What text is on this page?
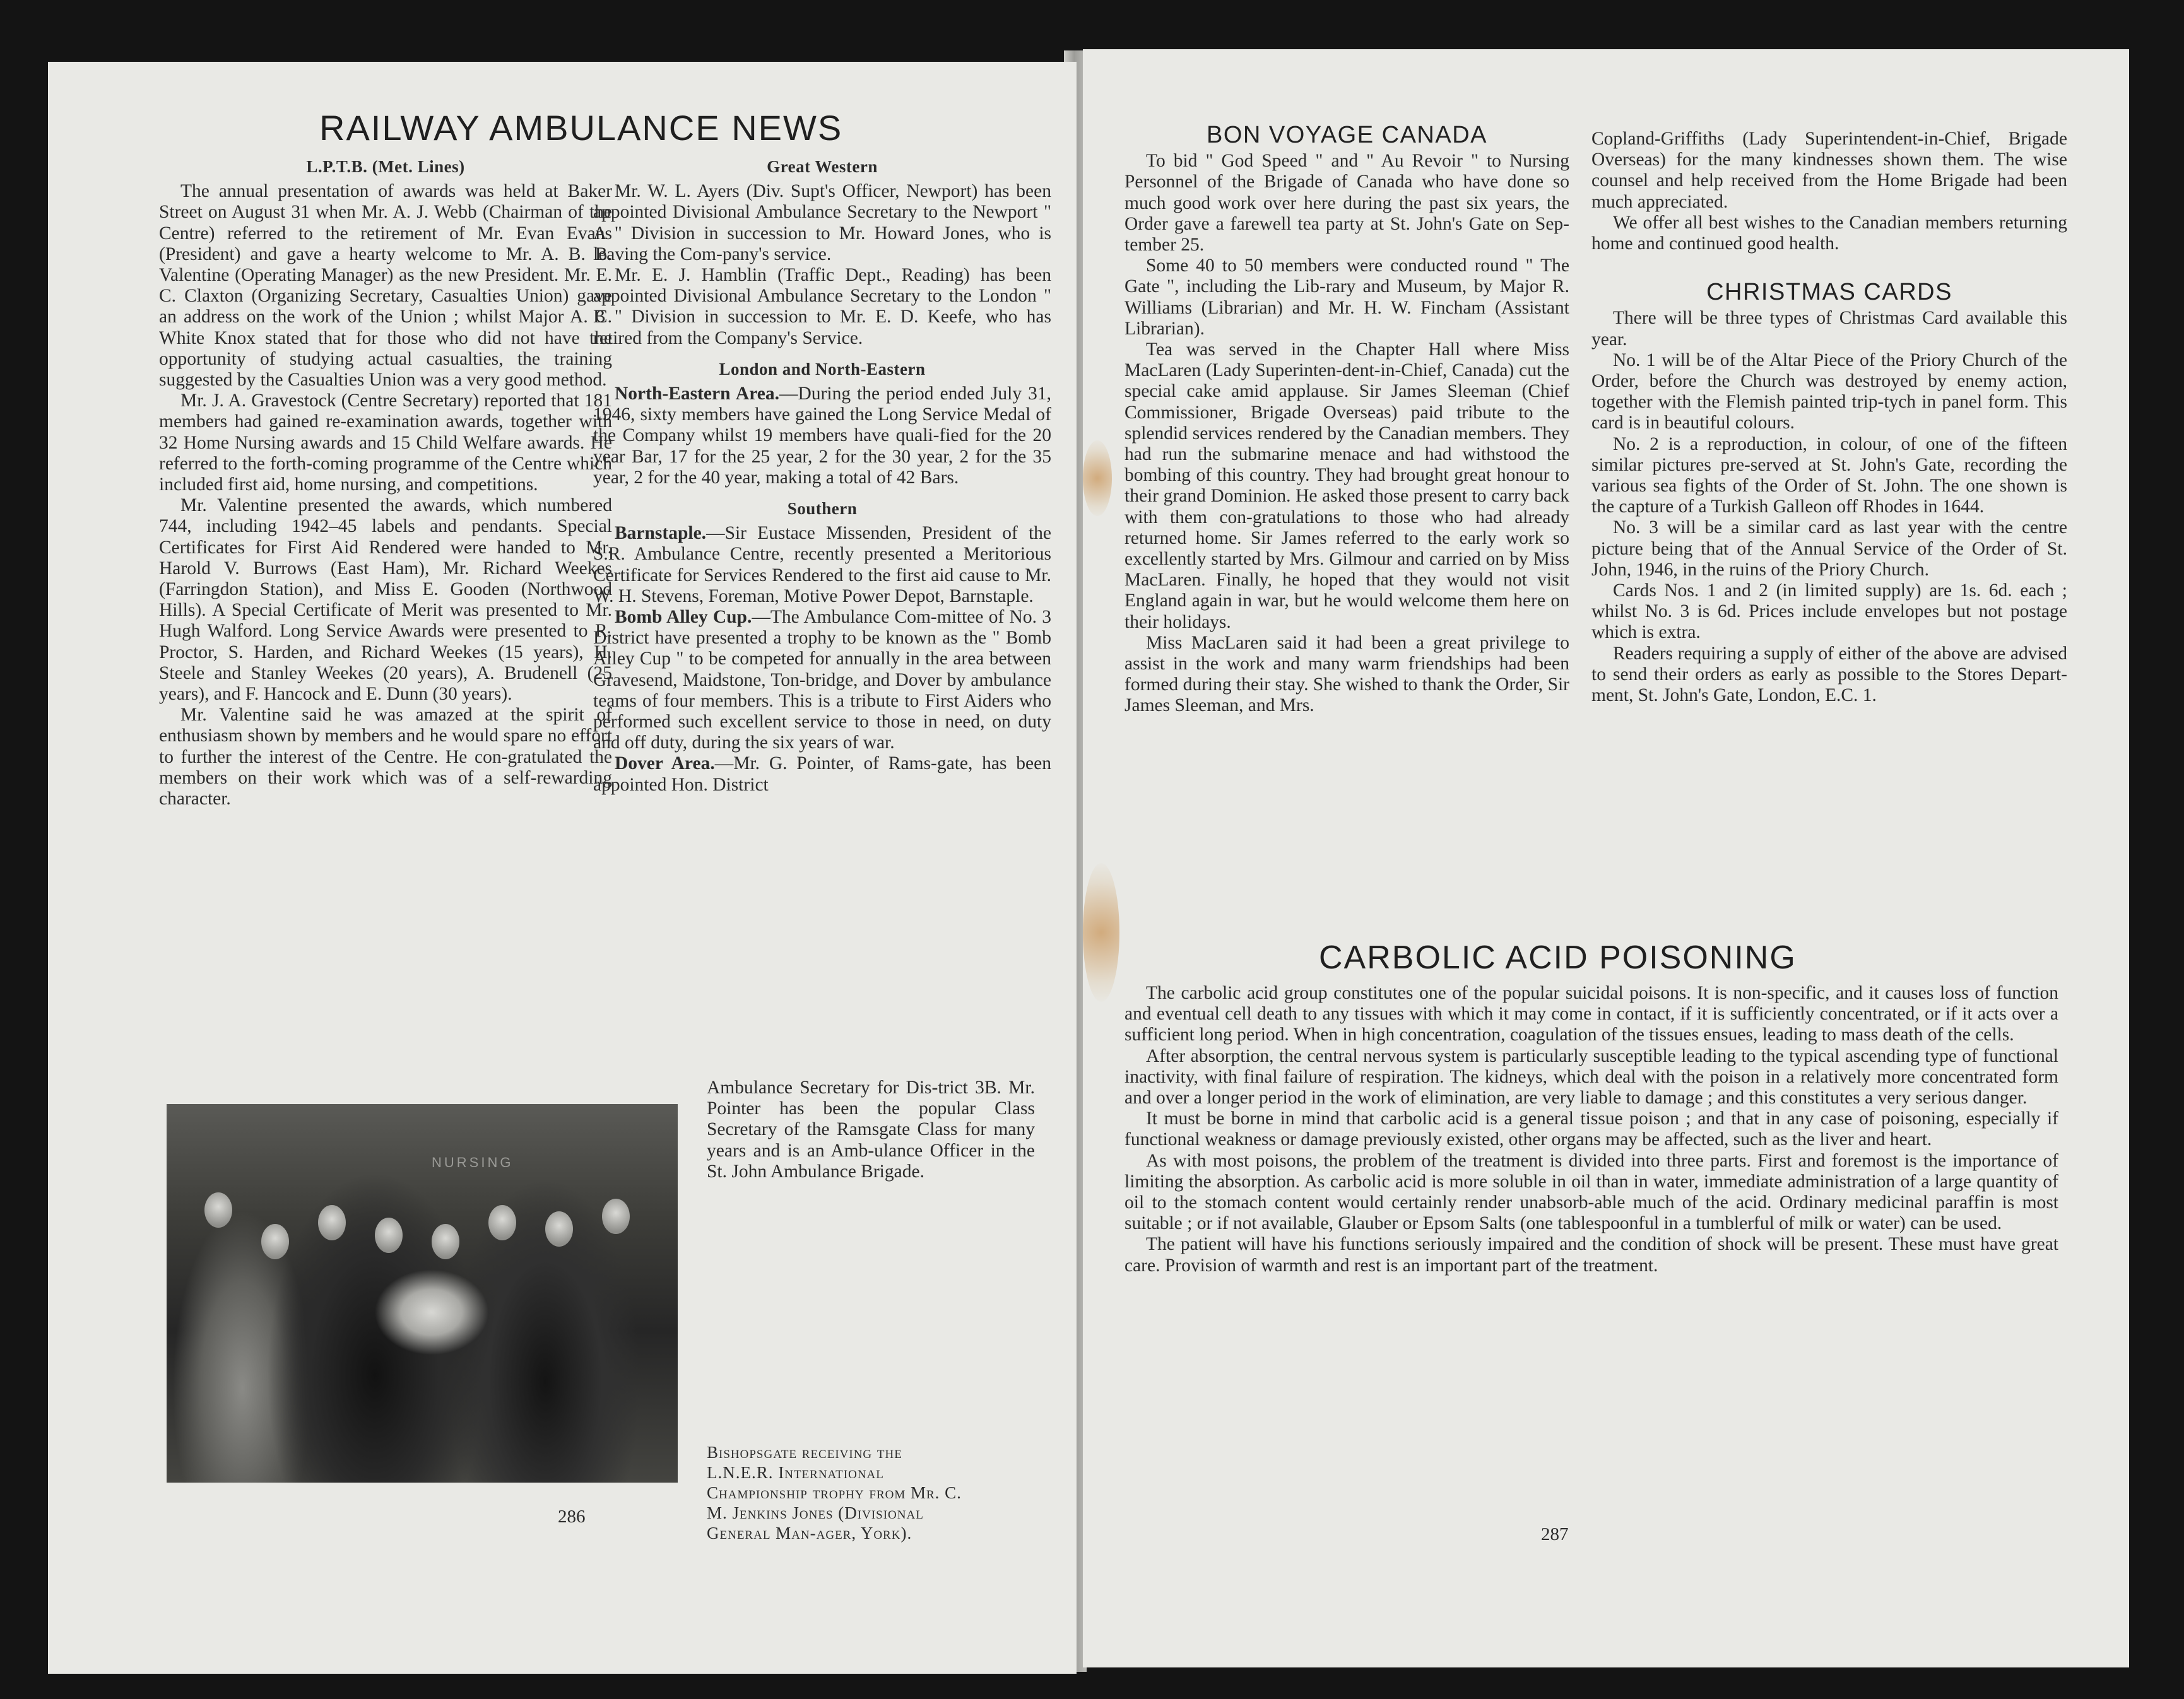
RAILWAY AMBULANCE NEWS
L.P.T.B. (Met. Lines)

The annual presentation of awards was held at Baker Street on August 31 when Mr. A. J. Webb (Chairman of the Centre) referred to the retirement of Mr. Evan Evans (President) and gave a hearty welcome to Mr. A. B. B. Valentine (Operating Manager) as the new President. Mr. E. C. Claxton (Organizing Secretary, Casualties Union) gave an address on the work of the Union ; whilst Major A. C. White Knox stated that for those who did not have the opportunity of studying actual casualties, the training suggested by the Casualties Union was a very good method.

Mr. J. A. Gravestock (Centre Secretary) reported that 181 members had gained re-examination awards, together with 32 Home Nursing awards and 15 Child Welfare awards. He referred to the forth-coming programme of the Centre which included first aid, home nursing, and competitions.

Mr. Valentine presented the awards, which numbered 744, including 1942–45 labels and pendants. Special Certificates for First Aid Rendered were handed to Mr. Harold V. Burrows (East Ham), Mr. Richard Weekes (Farringdon Station), and Miss E. Gooden (Northwood Hills). A Special Certificate of Merit was presented to Mr. Hugh Walford. Long Service Awards were presented to R. Proctor, S. Harden, and Richard Weekes (15 years), H. Steele and Stanley Weekes (20 years), A. Brudenell (25 years), and F. Hancock and E. Dunn (30 years).

Mr. Valentine said he was amazed at the spirit of enthusiasm shown by members and he would spare no effort to further the interest of the Centre. He con-gratulated the members on their work which was of a self-rewarding character.

Great Western

Mr. W. L. Ayers (Div. Supt's Officer, Newport) has been appointed Divisional Ambulance Secretary to the Newport " A " Division in succession to Mr. Howard Jones, who is leaving the Com-pany's service.

Mr. E. J. Hamblin (Traffic Dept., Reading) has been appointed Divisional Ambulance Secretary to the London " B " Division in succession to Mr. E. D. Keefe, who has retired from the Company's Service.

London and North-Eastern

North-Eastern Area.—During the period ended July 31, 1946, sixty members have gained the Long Service Medal of the Company whilst 19 members have quali-fied for the 20 year Bar, 17 for the 25 year, 2 for the 30 year, 2 for the 35 year, 2 for the 40 year, making a total of 42 Bars.

Southern

Barnstaple.—Sir Eustace Missenden, President of the S.R. Ambulance Centre, recently presented a Meritorious Certificate for Services Rendered to the first aid cause to Mr. W. H. Stevens, Foreman, Motive Power Depot, Barnstaple.

Bomb Alley Cup.—The Ambulance Com-mittee of No. 3 District have presented a trophy to be known as the " Bomb Alley Cup " to be competed for annually in the area between Gravesend, Maidstone, Ton-bridge, and Dover by ambulance teams of four members. This is a tribute to First Aiders who performed such excellent service to those in need, on duty and off duty, during the six years of war.

Dover Area.—Mr. G. Pointer, of Rams-gate, has been appointed Hon. District

Ambulance Secretary for Dis-trict 3B. Mr. Pointer has been the popular Class Secretary of the Ramsgate Class for many years and is an Amb-ulance Officer in the St. John Ambulance Brigade.
NURSING
Bishopsgate receiving the L.N.E.R. International Championship trophy from Mr. C. M. Jenkins Jones (Divisional General Man-ager, York).
286
BON VOYAGE CANADA

To bid " God Speed " and " Au Revoir " to Nursing Personnel of the Brigade of Canada who have done so much good work over here during the past six years, the Order gave a farewell tea party at St. John's Gate on Sep-tember 25.

Some 40 to 50 members were conducted round " The Gate ", including the Lib-rary and Museum, by Major R. Williams (Librarian) and Mr. H. W. Fincham (Assistant Librarian).

Tea was served in the Chapter Hall where Miss MacLaren (Lady Superinten-dent-in-Chief, Canada) cut the special cake amid applause. Sir James Sleeman (Chief Commissioner, Brigade Overseas) paid tribute to the splendid services rendered by the Canadian members. They had run the submarine menace and had withstood the bombing of this country. They had brought great honour to their grand Dominion. He asked those present to carry back with them con-gratulations to those who had already returned home. Sir James referred to the early work so excellently started by Mrs. Gilmour and carried on by Miss MacLaren. Finally, he hoped that they would not visit England again in war, but he would welcome them here on their holidays.

Miss MacLaren said it had been a great privilege to assist in the work and many warm friendships had been formed during their stay. She wished to thank the Order, Sir James Sleeman, and Mrs.

Copland-Griffiths (Lady Superintendent-in-Chief, Brigade Overseas) for the many kindnesses shown them. The wise counsel and help received from the Home Brigade had been much appreciated.

We offer all best wishes to the Canadian members returning home and continued good health.

CHRISTMAS CARDS

There will be three types of Christmas Card available this year.

No. 1 will be of the Altar Piece of the Priory Church of the Order, before the Church was destroyed by enemy action, together with the Flemish painted trip-tych in panel form. This card is in beautiful colours.

No. 2 is a reproduction, in colour, of one of the fifteen similar pictures pre-served at St. John's Gate, recording the various sea fights of the Order of St. John. The one shown is the capture of a Turkish Galleon off Rhodes in 1644.

No. 3 will be a similar card as last year with the centre picture being that of the Annual Service of the Order of St. John, 1946, in the ruins of the Priory Church.

Cards Nos. 1 and 2 (in limited supply) are 1s. 6d. each ; whilst No. 3 is 6d. Prices include envelopes but not postage which is extra.

Readers requiring a supply of either of the above are advised to send their orders as early as possible to the Stores Depart-ment, St. John's Gate, London, E.C. 1.

CARBOLIC ACID POISONING

The carbolic acid group constitutes one of the popular suicidal poisons. It is non-specific, and it causes loss of function and eventual cell death to any tissues with which it may come in contact, if it is sufficiently concentrated, or if it acts over a sufficient long period. When in high concentration, coagulation of the tissues ensues, leading to mass death of the cells.

After absorption, the central nervous system is particularly susceptible leading to the typical ascending type of functional inactivity, with final failure of respiration. The kidneys, which deal with the poison in a relatively more concentrated form and over a longer period in the work of elimination, are very liable to damage ; and this constitutes a very serious danger.

It must be borne in mind that carbolic acid is a general tissue poison ; and that in any case of poisoning, especially if functional weakness or damage previously existed, other organs may be affected, such as the liver and heart.

As with most poisons, the problem of the treatment is divided into three parts. First and foremost is the importance of limiting the absorption. As carbolic acid is more soluble in oil than in water, immediate administration of a large quantity of oil to the stomach content would certainly render unabsorb-able much of the acid. Ordinary medicinal paraffin is most suitable ; or if not available, Glauber or Epsom Salts (one tablespoonful in a tumblerful of milk or water) can be used.

The patient will have his functions seriously impaired and the condition of shock will be present. These must have great care. Provision of warmth and rest is an important part of the treatment.

287
